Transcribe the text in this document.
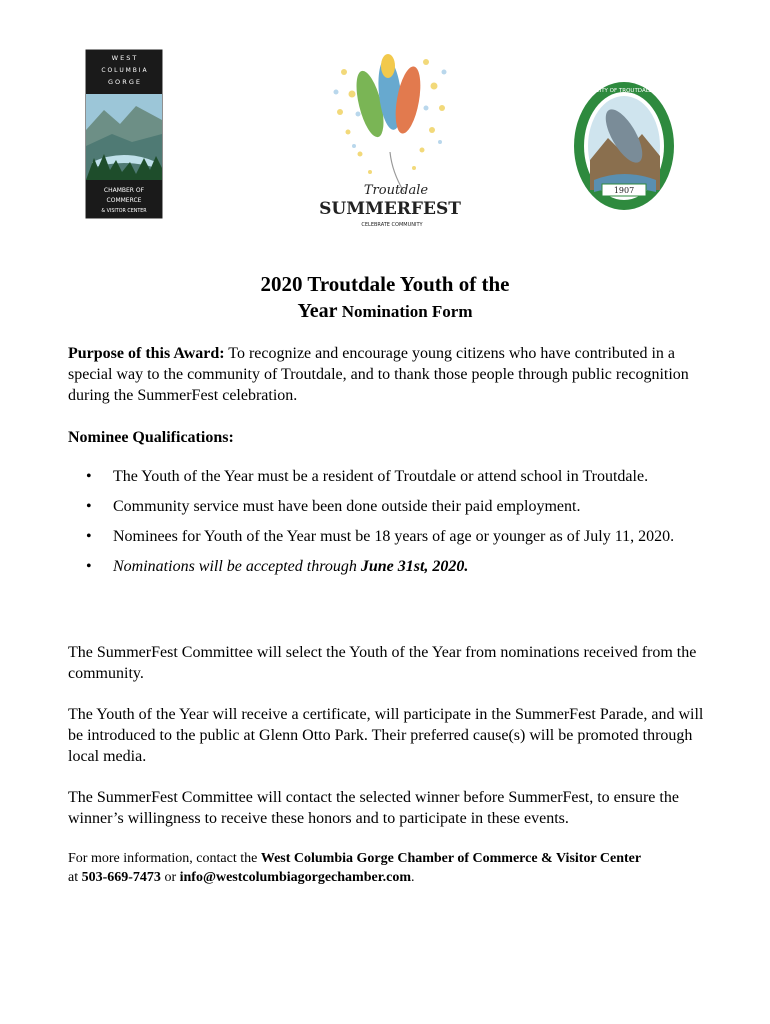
W E S T
C O L U M B I A
G O R G E
CHAMBER OF
COMMERCE
& VISITOR CENTER
Troutdale
SUMMERFEST
CELEBRATE COMMUNITY
1907
CITY OF TROUTDALE
2020 Troutdale Youth of the
Year Nomination Form
Purpose of this Award: To recognize and encourage young citizens who have contributed in a special way to the community of Troutdale, and to thank those people through public recognition during the SummerFest celebration.
Nominee Qualifications:
• The Youth of the Year must be a resident of Troutdale or attend school in Troutdale.
• Community service must have been done outside their paid employment.
• Nominees for Youth of the Year must be 18 years of age or younger as of July 11, 2020.
• Nominations will be accepted through June 31st, 2020.
The SummerFest Committee will select the Youth of the Year from nominations received from the community.
The Youth of the Year will receive a certificate, will participate in the SummerFest Parade, and will be introduced to the public at Glenn Otto Park. Their preferred cause(s) will be promoted through local media.
The SummerFest Committee will contact the selected winner before SummerFest, to ensure the winner’s willingness to receive these honors and to participate in these events.
For more information, contact the West Columbia Gorge Chamber of Commerce & Visitor Center
at 503-669-7473 or info@westcolumbiagorgechamber.com.
